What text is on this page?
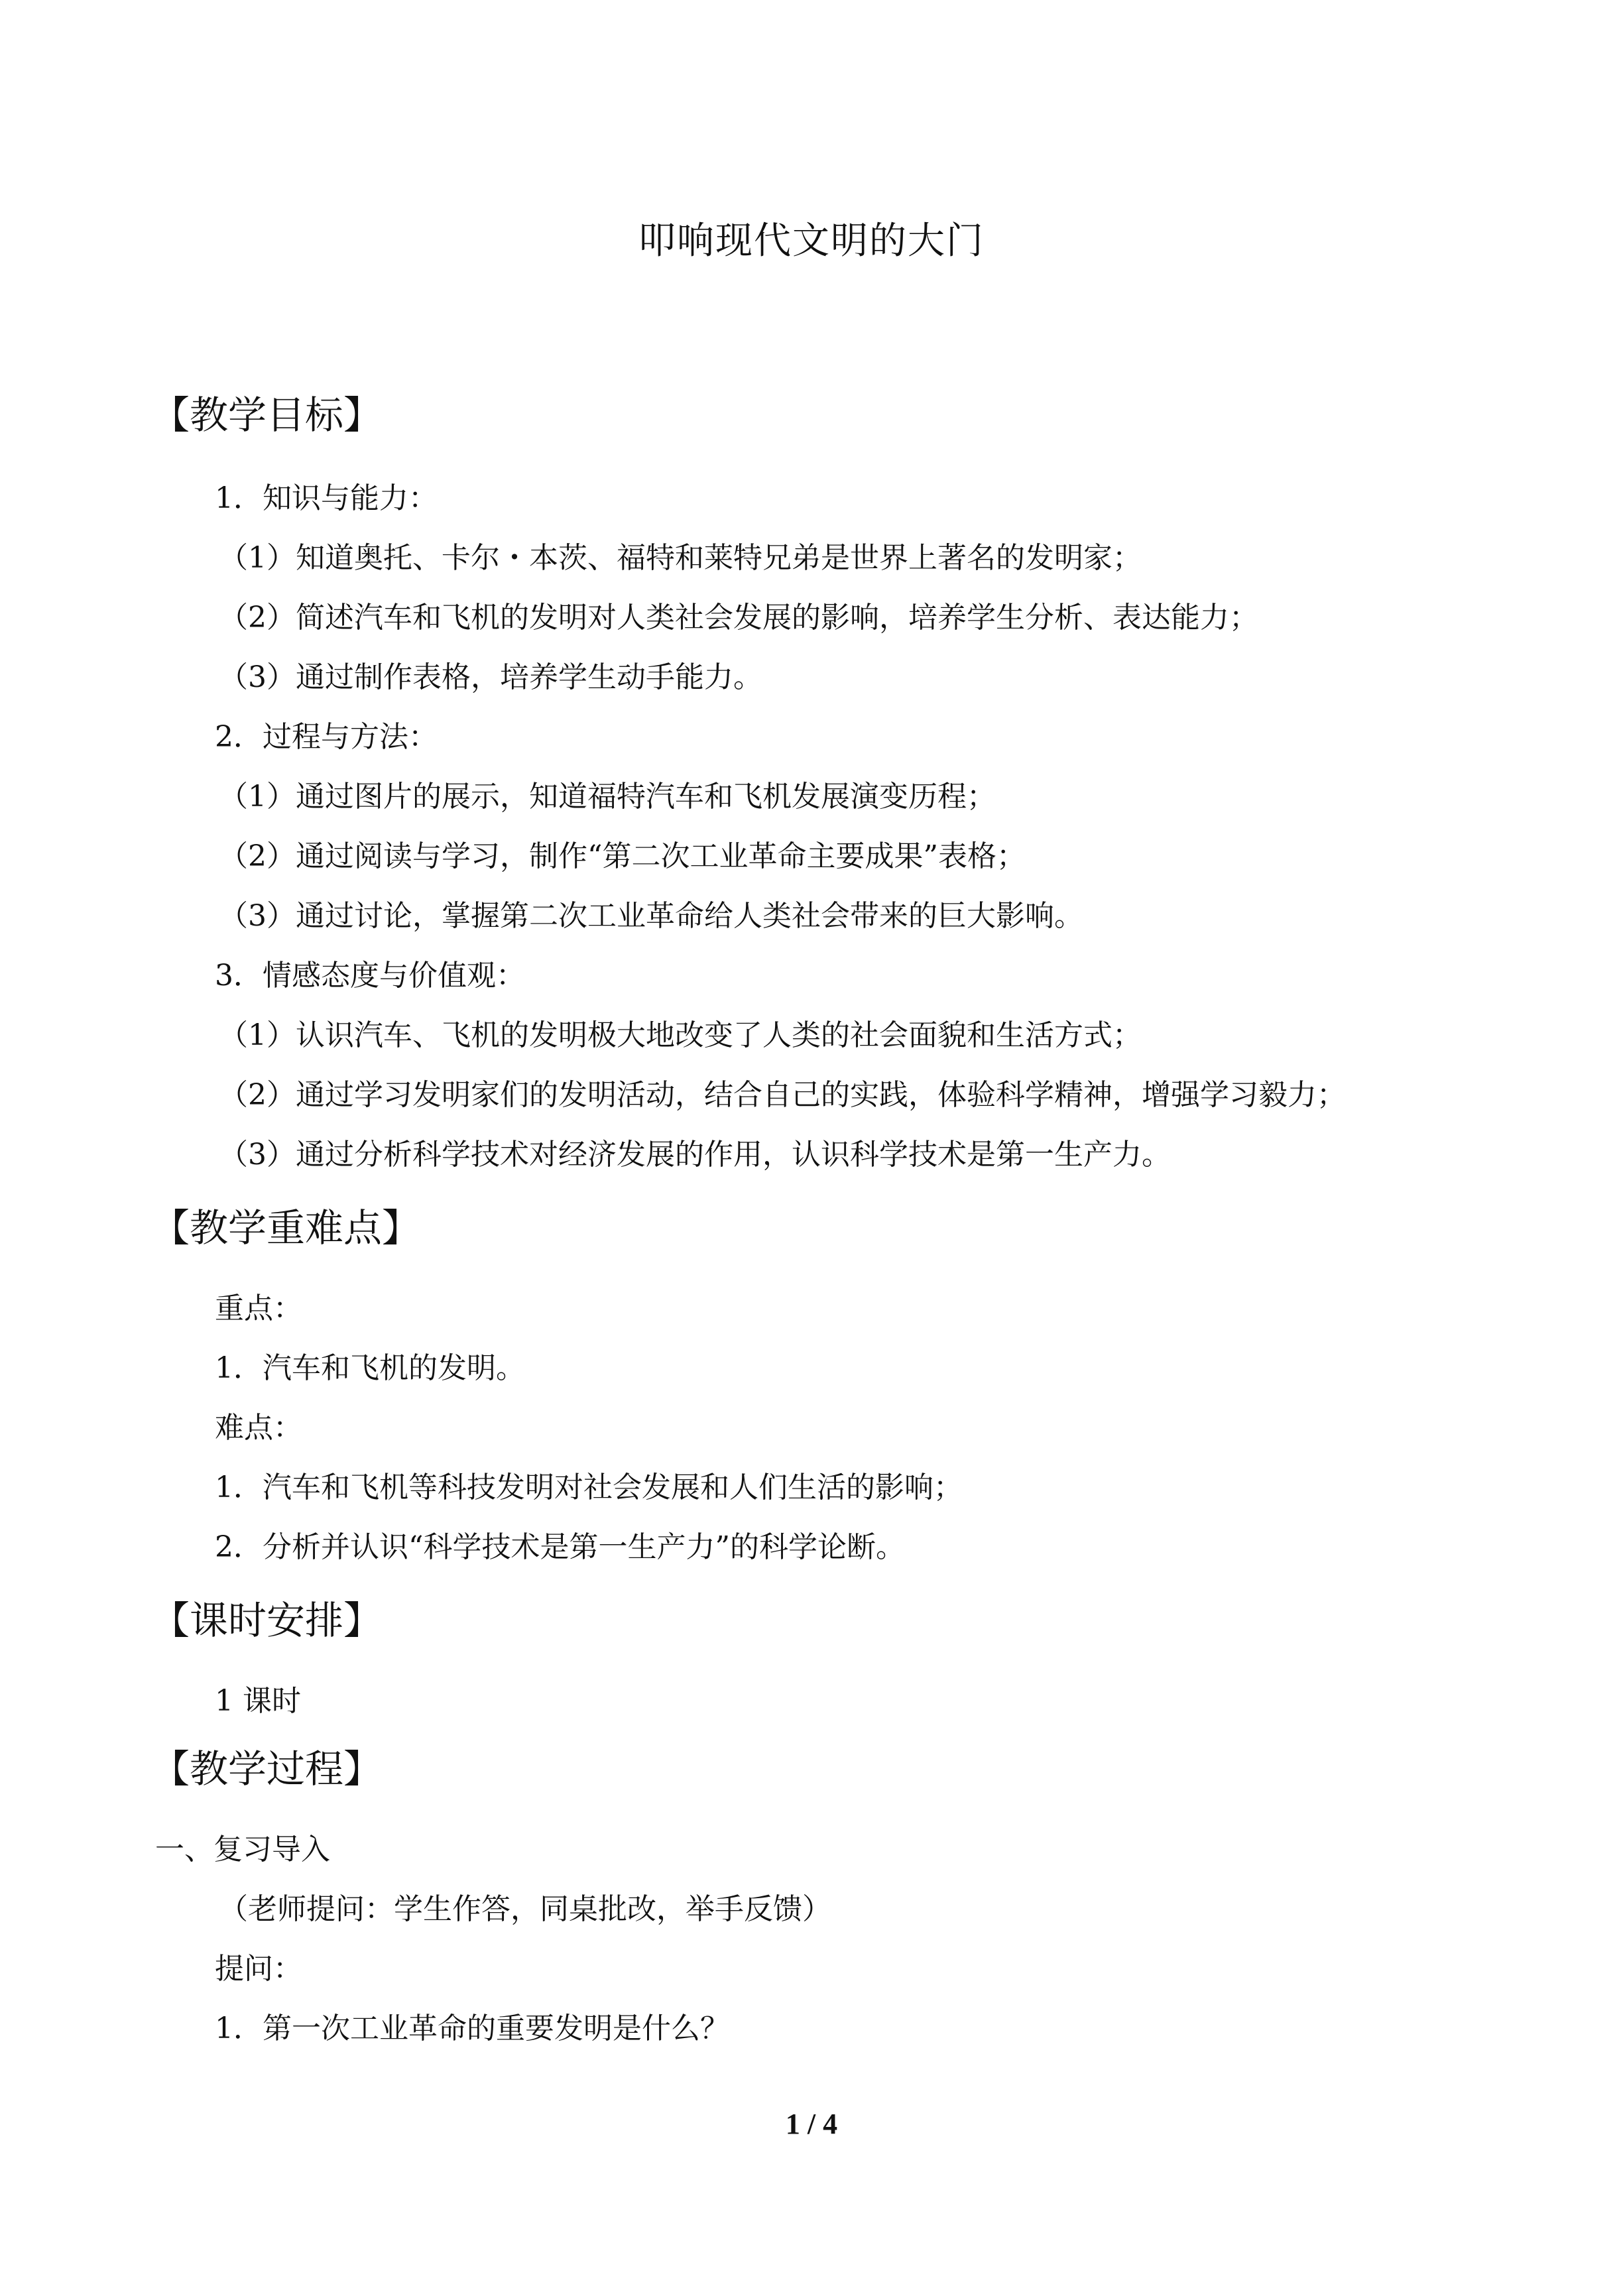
叩响现代文明的大门
【教学目标】

1．知识与能力：

（1）知道奥托、卡尔・本茨、福特和莱特兄弟是世界上著名的发明家；

（2）简述汽车和飞机的发明对人类社会发展的影响，培养学生分析、表达能力；

（3）通过制作表格，培养学生动手能力。

2．过程与方法：

（1）通过图片的展示，知道福特汽车和飞机发展演变历程；

（2）通过阅读与学习，制作“第二次工业革命主要成果”表格；

（3）通过讨论，掌握第二次工业革命给人类社会带来的巨大影响。

3．情感态度与价值观：

（1）认识汽车、飞机的发明极大地改变了人类的社会面貌和生活方式；

（2）通过学习发明家们的发明活动，结合自己的实践，体验科学精神，增强学习毅力；

（3）通过分析科学技术对经济发展的作用，认识科学技术是第一生产力。

【教学重难点】

重点：

1．汽车和飞机的发明。

难点：

1．汽车和飞机等科技发明对社会发展和人们生活的影响；

2．分析并认识“科学技术是第一生产力”的科学论断。

【课时安排】

1 课时

【教学过程】

一、复习导入

（老师提问：学生作答，同桌批改，举手反馈）

提问：

1．第一次工业革命的重要发明是什么？

1 / 4
